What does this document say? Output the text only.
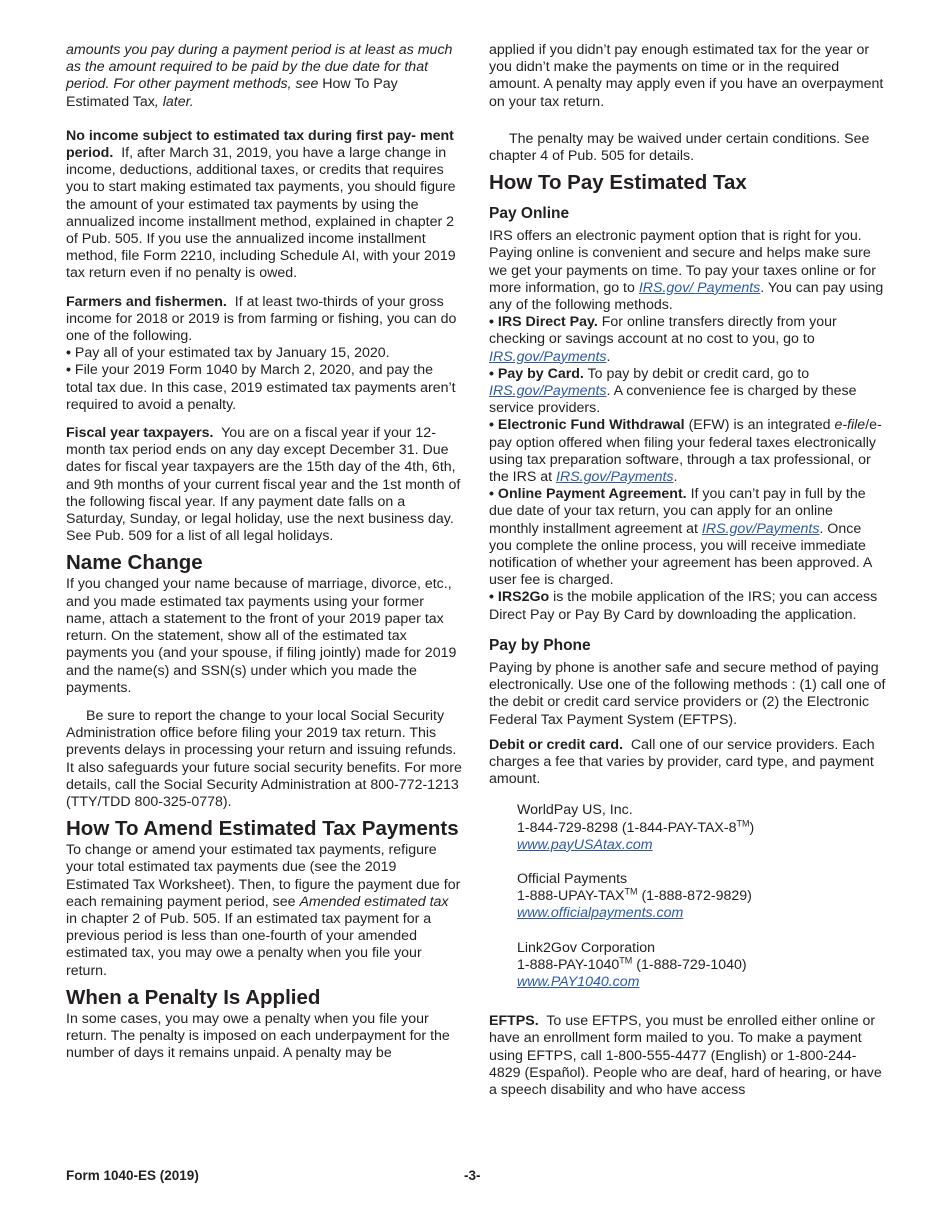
amounts you pay during a payment period is at least as much as the amount required to be paid by the due date for that period. For other payment methods, see How To Pay Estimated Tax, later.

No income subject to estimated tax during first pay- ment period. If, after March 31, 2019, you have a large change in income, deductions, additional taxes, or credits that requires you to start making estimated tax payments, you should figure the amount of your estimated tax payments by using the annualized income installment method, explained in chapter 2 of Pub. 505. If you use the annualized income installment method, file Form 2210, including Schedule AI, with your 2019 tax return even if no penalty is owed.

Farmers and fishermen. If at least two-thirds of your gross income for 2018 or 2019 is from farming or fishing, you can do one of the following.

• Pay all of your estimated tax by January 15, 2020.

• File your 2019 Form 1040 by March 2, 2020, and pay the total tax due. In this case, 2019 estimated tax payments aren’t required to avoid a penalty.

Fiscal year taxpayers. You are on a fiscal year if your 12-month tax period ends on any day except December 31. Due dates for fiscal year taxpayers are the 15th day of the 4th, 6th, and 9th months of your current fiscal year and the 1st month of the following fiscal year. If any payment date falls on a Saturday, Sunday, or legal holiday, use the next business day. See Pub. 509 for a list of all legal holidays.

Name Change

If you changed your name because of marriage, divorce, etc., and you made estimated tax payments using your former name, attach a statement to the front of your 2019 paper tax return. On the statement, show all of the estimated tax payments you (and your spouse, if filing jointly) made for 2019 and the name(s) and SSN(s) under which you made the payments.

Be sure to report the change to your local Social Security Administration office before filing your 2019 tax return. This prevents delays in processing your return and issuing refunds. It also safeguards your future social security benefits. For more details, call the Social Security Administration at 800-772-1213 (TTY/TDD 800-325-0778).

How To Amend Estimated Tax Payments

To change or amend your estimated tax payments, refigure your total estimated tax payments due (see the 2019 Estimated Tax Worksheet). Then, to figure the payment due for each remaining payment period, see Amended estimated tax in chapter 2 of Pub. 505. If an estimated tax payment for a previous period is less than one-fourth of your amended estimated tax, you may owe a penalty when you file your return.

When a Penalty Is Applied

In some cases, you may owe a penalty when you file your return. The penalty is imposed on each underpayment for the number of days it remains unpaid. A penalty may be

applied if you didn’t pay enough estimated tax for the year or you didn’t make the payments on time or in the required amount. A penalty may apply even if you have an overpayment on your tax return.

The penalty may be waived under certain conditions. See chapter 4 of Pub. 505 for details.

How To Pay Estimated Tax
Pay Online

IRS offers an electronic payment option that is right for you. Paying online is convenient and secure and helps make sure we get your payments on time. To pay your taxes online or for more information, go to IRS.gov/ Payments. You can pay using any of the following methods.

• IRS Direct Pay. For online transfers directly from your checking or savings account at no cost to you, go to IRS.gov/Payments.

• Pay by Card. To pay by debit or credit card, go to IRS.gov/Payments. A convenience fee is charged by these service providers.

• Electronic Fund Withdrawal (EFW) is an integrated e-file/e-pay option offered when filing your federal taxes electronically using tax preparation software, through a tax professional, or the IRS at IRS.gov/Payments.

• Online Payment Agreement. If you can’t pay in full by the due date of your tax return, you can apply for an online monthly installment agreement at IRS.gov/Payments. Once you complete the online process, you will receive immediate notification of whether your agreement has been approved. A user fee is charged.

• IRS2Go is the mobile application of the IRS; you can access Direct Pay or Pay By Card by downloading the application.

Pay by Phone

Paying by phone is another safe and secure method of paying electronically. Use one of the following methods : (1) call one of the debit or credit card service providers or (2) the Electronic Federal Tax Payment System (EFTPS).

Debit or credit card. Call one of our service providers. Each charges a fee that varies by provider, card type, and payment amount.

WorldPay US, Inc.

1-844-729-8298 (1-844-PAY-TAX-8™)

www.payUSAtax.com

Official Payments

1-888-UPAY-TAX™ (1-888-872-9829)

www.officialpayments.com

Link2Gov Corporation

1-888-PAY-1040™ (1-888-729-1040)

www.PAY1040.com

EFTPS. To use EFTPS, you must be enrolled either online or have an enrollment form mailed to you. To make a payment using EFTPS, call 1-800-555-4477 (English) or 1-800-244-4829 (Español). People who are deaf, hard of hearing, or have a speech disability and who have access

Form 1040-ES (2019)	-3-
